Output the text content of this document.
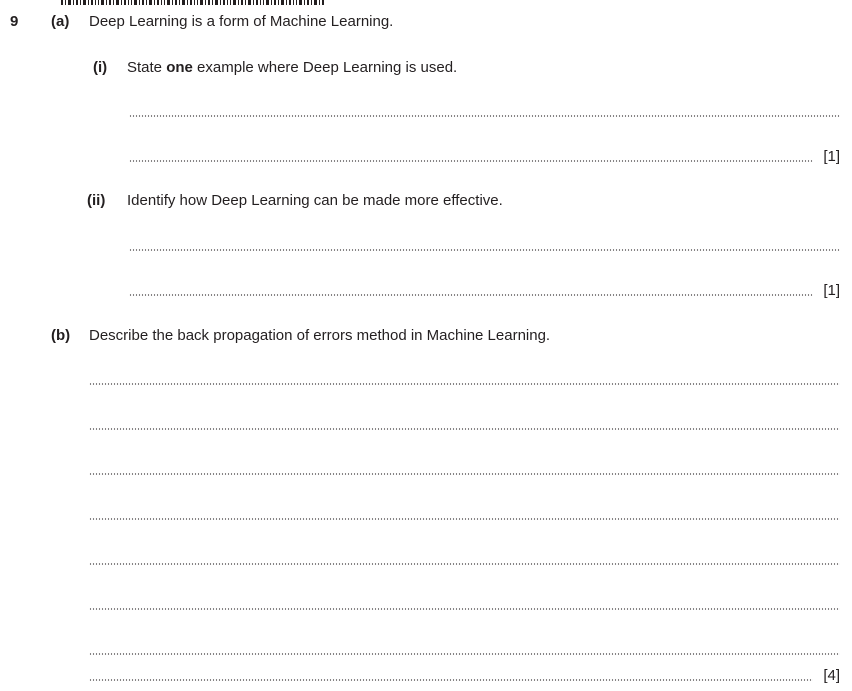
9 (a) Deep Learning is a form of Machine Learning.
(i) State one example where Deep Learning is used.
[1]
(ii) Identify how Deep Learning can be made more effective.
[1]
(b) Describe the back propagation of errors method in Machine Learning.
[4]
